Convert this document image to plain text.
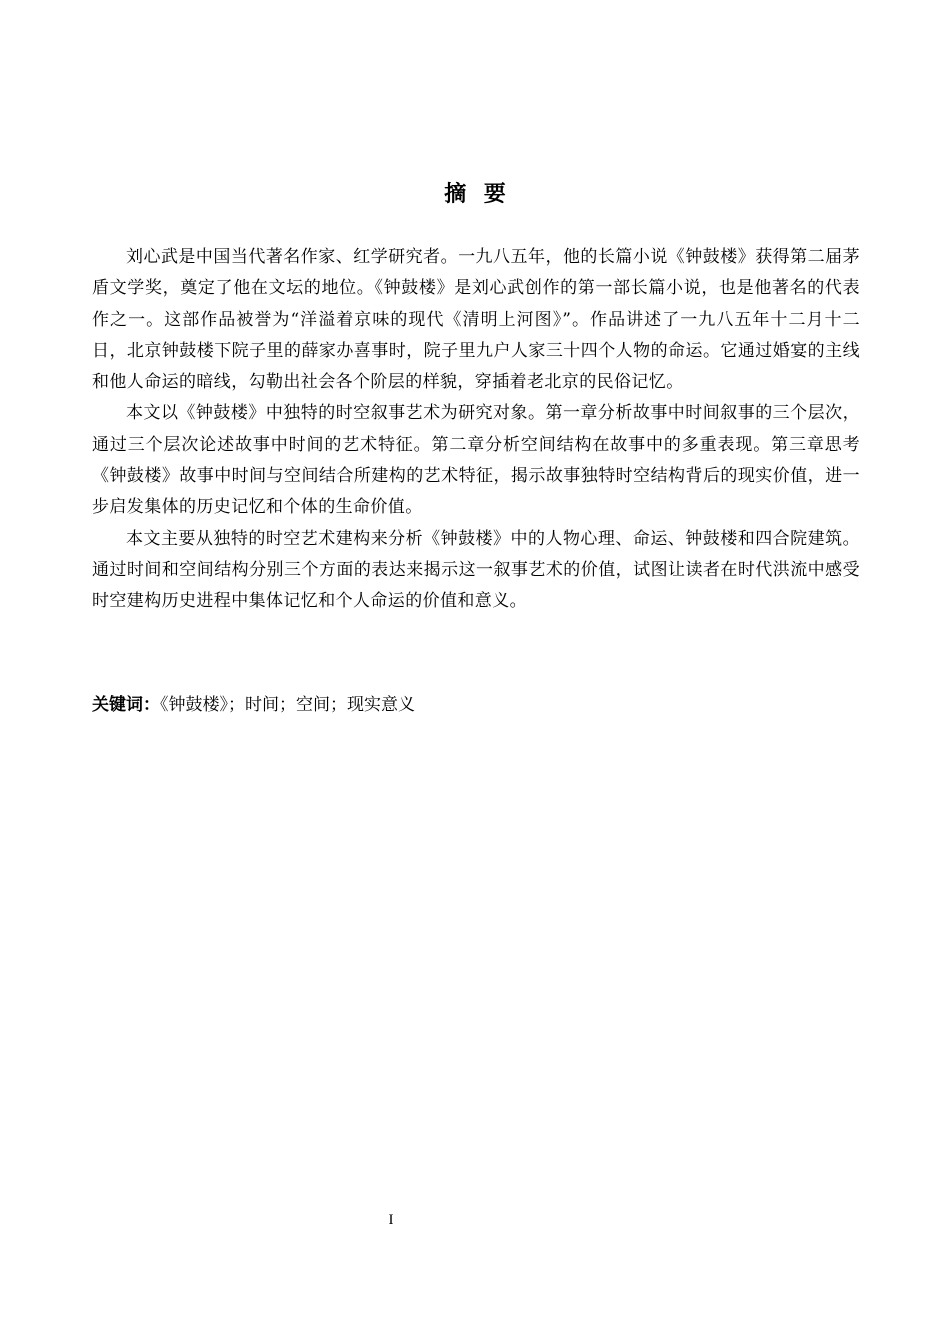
摘要

刘心武是中国当代著名作家、红学研究者。一九八五年，他的长篇小说《钟鼓楼》获得第二届茅盾文学奖，奠定了他在文坛的地位。《钟鼓楼》是刘心武创作的第一部长篇小说，也是他著名的代表作之一。这部作品被誉为“洋溢着京味的现代《清明上河图》”。作品讲述了一九八五年十二月十二日，北京钟鼓楼下院子里的薛家办喜事时，院子里九户人家三十四个人物的命运。它通过婚宴的主线和他人命运的暗线，勾勒出社会各个阶层的样貌，穿插着老北京的民俗记忆。

本文以《钟鼓楼》中独特的时空叙事艺术为研究对象。第一章分析故事中时间叙事的三个层次，通过三个层次论述故事中时间的艺术特征。第二章分析空间结构在故事中的多重表现。第三章思考《钟鼓楼》故事中时间与空间结合所建构的艺术特征，揭示故事独特时空结构背后的现实价值，进一步启发集体的历史记忆和个体的生命价值。

本文主要从独特的时空艺术建构来分析《钟鼓楼》中的人物心理、命运、钟鼓楼和四合院建筑。通过时间和空间结构分别三个方面的表达来揭示这一叙事艺术的价值，试图让读者在时代洪流中感受时空建构历史进程中集体记忆和个人命运的价值和意义。

关键词：《钟鼓楼》；时间；空间；现实意义
I
